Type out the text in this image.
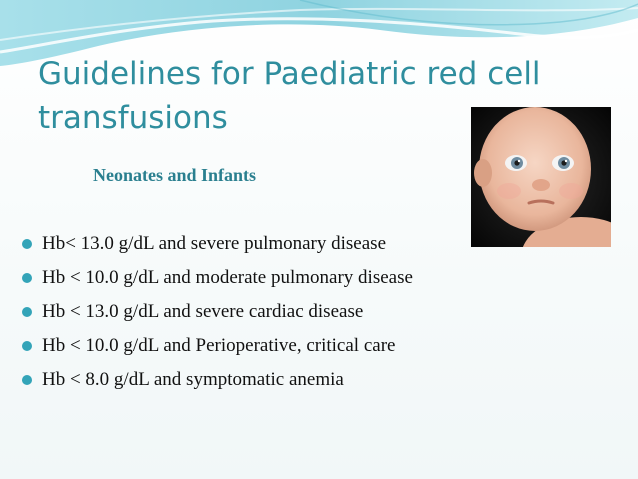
Guidelines for Paediatric red cell transfusions
Neonates and Infants
Hb< 13.0 g/dL and severe pulmonary disease
Hb < 10.0 g/dL and moderate pulmonary disease
Hb < 13.0 g/dL and severe cardiac disease
Hb < 10.0 g/dL and Perioperative, critical care
Hb < 8.0 g/dL and symptomatic anemia
